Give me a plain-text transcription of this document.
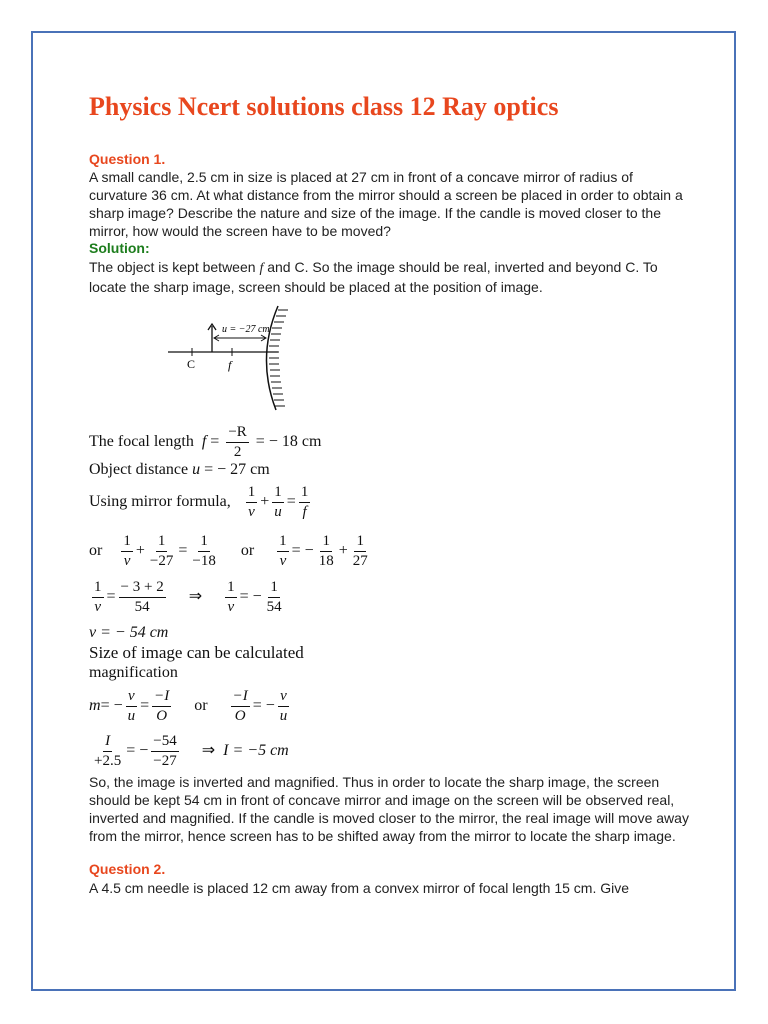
Physics Ncert solutions class 12 Ray optics
Question 1.

A small candle, 2.5 cm in size is placed at 27 cm in front of a concave mirror of radius of curvature 36 cm. At what distance from the mirror should a screen be placed in order to obtain a sharp image? Describe the nature and size of the image. If the candle is moved closer to the mirror, how would the screen have to be moved?

Solution:

The object is kept between f and C. So the image should be real, inverted and beyond C. To locate the sharp image, screen should be placed at the position of image.

u = −27 cm
C	f
The focal length $f = \frac{-R}{2}$ = − 18 cm
Object distance u = − 27 cm
Using mirror formula, $\frac{1}{v} + \frac{1}{u} = \frac{1}{f}$
or $\frac{1}{v} + \frac{1}{-27} = \frac{1}{-18}$ or $\frac{1}{v}$ = − $\frac{1}{18} + \frac{1}{27}$
$\frac{1}{v} = \frac{- 3 + 2}{54}$ ⇒ $\frac{1}{v}$ = − $\frac{1}{54}$
v = − 54 cm
Size of image can be calculated
magnification
$m= - \frac{v}{u} = \frac{-I}{O}$ or $\frac{-I}{O}$ = − $\frac{v}{u}$
$\frac{I}{+2.5}$ = − $\frac{-54}{-27}$ ⇒ I = −5 cm

So, the image is inverted and magnified. Thus in order to locate the sharp image, the screen should be kept 54 cm in front of concave mirror and image on the screen will be observed real, inverted and magnified. If the candle is moved closer to the mirror, the real image will move away from the mirror, hence screen has to be shifted away from the mirror to locate the sharp image.

Question 2.

A 4.5 cm needle is placed 12 cm away from a convex mirror of focal length 15 cm. Give
